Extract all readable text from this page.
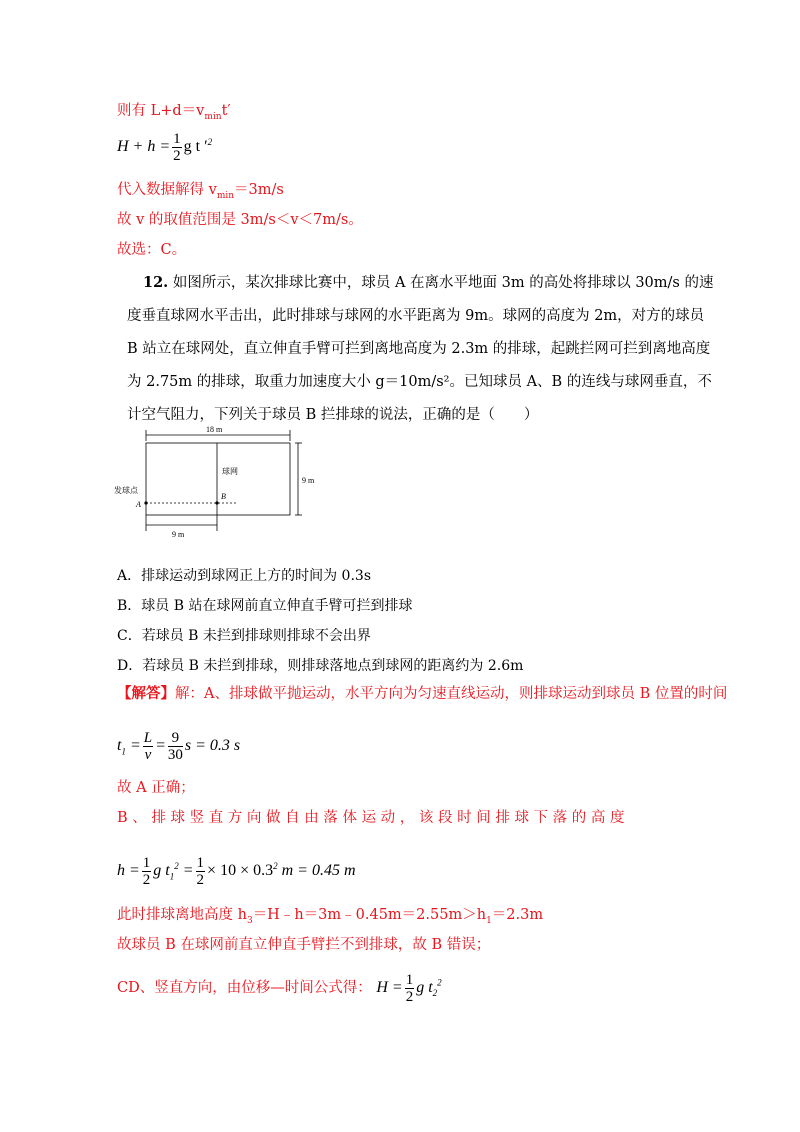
则有 $L+d=v_{min}t'$
$H + h = \frac{1}{2}$ g t $'^2$
代入数据解得 $v_{min}=3m/s$
故 v 的取值范围是 3m/s＜v＜7m/s。
故选：C。
12. 如图所示，某次排球比赛中，球员 A 在离水平地面 3m 的高处将排球以 30m/s 的速度垂直球网水平击出，此时排球与球网的水平距离为 9m。球网的高度为 2m，对方的球员 B 站立在球网处，直立伸直手臂可拦到离地高度为 2.3m 的排球，起跳拦网可拦到离地高度为 2.75m 的排球，取重力加速度大小 g＝10m/s²。已知球员 A、B 的连线与球网垂直，不计空气阻力，下列关于球员 B 拦排球的说法，正确的是（　　）
18 m
9 m
9 m
球网
发球点
A
B
A．排球运动到球网正上方的时间为 0.3s
B．球员 B 站在球网前直立伸直手臂可拦到排球
C．若球员 B 未拦到排球则排球不会出界
D．若球员 B 未拦到排球，则排球落地点到球网的距离约为 2.6m
【解答】解：A、排球做平抛运动，水平方向为匀速直线运动，则排球运动到球员 B 位置的时间
$t_1 = \frac{L}{v} = \frac{9}{30}$ s = 0.3 s
故 A 正确；
B 、 排 球 竖 直 方 向 做 自 由 落 体 运 动 ， 该 段 时 间 排 球 下 落 的 高 度
$h = \frac{1}{2}$ g $t_1^2 = \frac{1}{2} \times 10 \times 0.3^2$ m = 0.45 m
此时排球离地高度 $h_3=H﹣h=3m﹣0.45m=2.55m>h_1=2.3m$
故球员 B 在球网前直立伸直手臂拦不到排球，故 B 错误；
CD、竖直方向，由位移—时间公式得： $H = \frac{1}{2}$ g $t_2^2$
